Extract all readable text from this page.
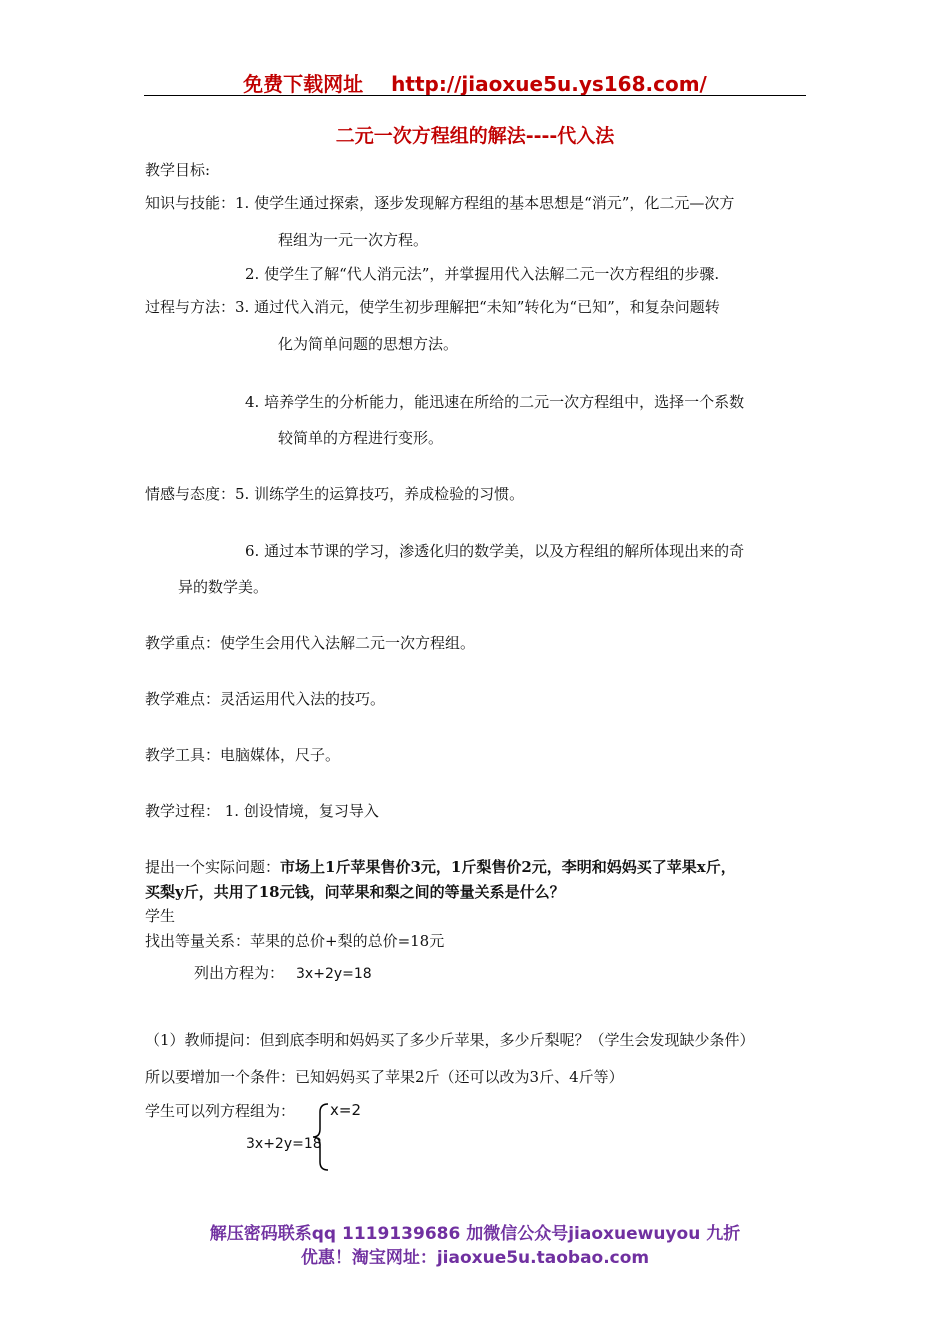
免费下载网址 http://jiaoxue5u.ys168.com/
二元一次方程组的解法----代入法
教学目标:
知识与技能：1. 使学生通过探索，逐步发现解方程组的基本思想是“消元”，化二元—次方
程组为一元一次方程。
2. 使学生了解“代人消元法”，并掌握用代入法解二元一次方程组的步骤.
过程与方法：3. 通过代入消元，使学生初步理解把“未知”转化为“已知”，和复杂问题转
化为简单问题的思想方法。
4. 培养学生的分析能力，能迅速在所给的二元一次方程组中，选择一个系数
较简单的方程进行变形。
情感与态度：5. 训练学生的运算技巧，养成检验的习惯。
6. 通过本节课的学习，渗透化归的数学美，以及方程组的解所体现出来的奇
异的数学美。
教学重点：使学生会用代入法解二元一次方程组。
教学难点：灵活运用代入法的技巧。
教学工具：电脑媒体，尺子。
教学过程： 1. 创设情境，复习导入
提出一个实际问题：市场上1斤苹果售价3元，1斤梨售价2元，李明和妈妈买了苹果x斤，
买梨y斤，共用了18元钱，问苹果和梨之间的等量关系是什么？
学生
找出等量关系：苹果的总价+梨的总价=18元
列出方程为： 3x+2y=18
（1）教师提问：但到底李明和妈妈买了多少斤苹果，多少斤梨呢？（学生会发现缺少条件）
所以要增加一个条件：已知妈妈买了苹果2斤（还可以改为3斤、4斤等）
学生可以列方程组为： x=2
3x+2y=18
解压密码联系qq 1119139686 加微信公众号jiaoxuewuyou 九折
优惠！淘宝网址：jiaoxue5u.taobao.com
